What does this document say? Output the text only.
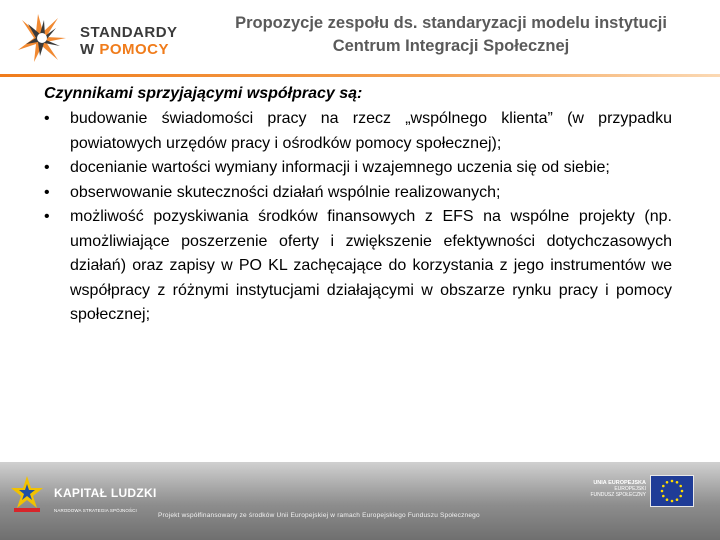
STANDARDY
W POMOCY
Propozycje zespołu ds. standaryzacji modelu instytucji
Centrum Integracji Społecznej
Czynnikami sprzyjającymi współpracy są:
•	budowanie świadomości pracy na rzecz „wspólnego klienta” (w przypadku powiatowych urzędów pracy i ośrodków pomocy społecznej);
•	docenianie wartości wymiany informacji i wzajemnego uczenia się od siebie;
•	obserwowanie skuteczności działań wspólnie realizowanych;
•	możliwość pozyskiwania środków finansowych z EFS na wspólne projekty (np. umożliwiające poszerzenie oferty i zwiększenie efektywności dotychczasowych działań) oraz zapisy w PO KL zachęcające do korzystania z jego instrumentów we współpracy z różnymi instytucjami działającymi w obszarze rynku pracy i pomocy społecznej;
KAPITAŁ LUDZKI
NARODOWA STRATEGIA SPÓJNOŚCI
UNIA EUROPEJSKA
EUROPEJSKI
FUNDUSZ SPOŁECZNY
Projekt współfinansowany ze środków Unii Europejskiej w ramach Europejskiego Funduszu Społecznego
